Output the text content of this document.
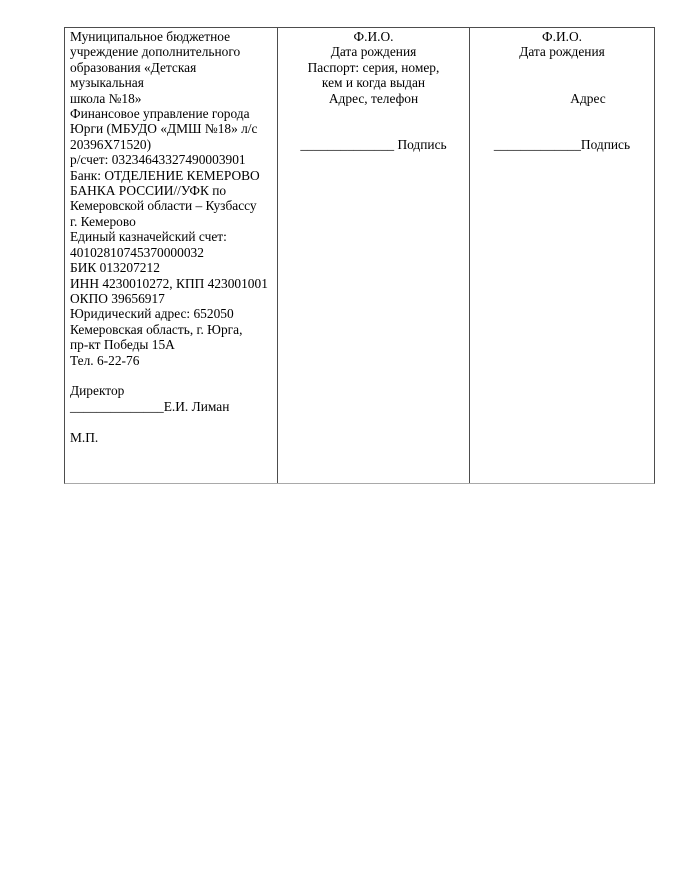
Муниципальное бюджетное
учреждение дополнительного
образования «Детская музыкальная
школа №18»
Финансовое управление города
Юрги (МБУДО «ДМШ №18» л/с
20396X71520)
р/счет: 03234643327490003901
Банк: ОТДЕЛЕНИЕ КЕМЕРОВО
БАНКА РОССИИ//УФК по
Кемеровской области – Кузбассу
г. Кемерово
Единый казначейский счет:
40102810745370000032
БИК 013207212
ИНН 4230010272, КПП 423001001
ОКПО 39656917
Юридический адрес: 652050
Кемеровская область, г. Юрга,
пр-кт Победы 15А
Тел. 6-22-76
Директор
______________Е.И. Лиман
М.П.
Ф.И.О.
Дата рождения
Паспорт: серия, номер,
кем и когда выдан
Адрес, телефон
______________ Подпись
Ф.И.О.
Дата рождения
Адрес
_____________Подпись
